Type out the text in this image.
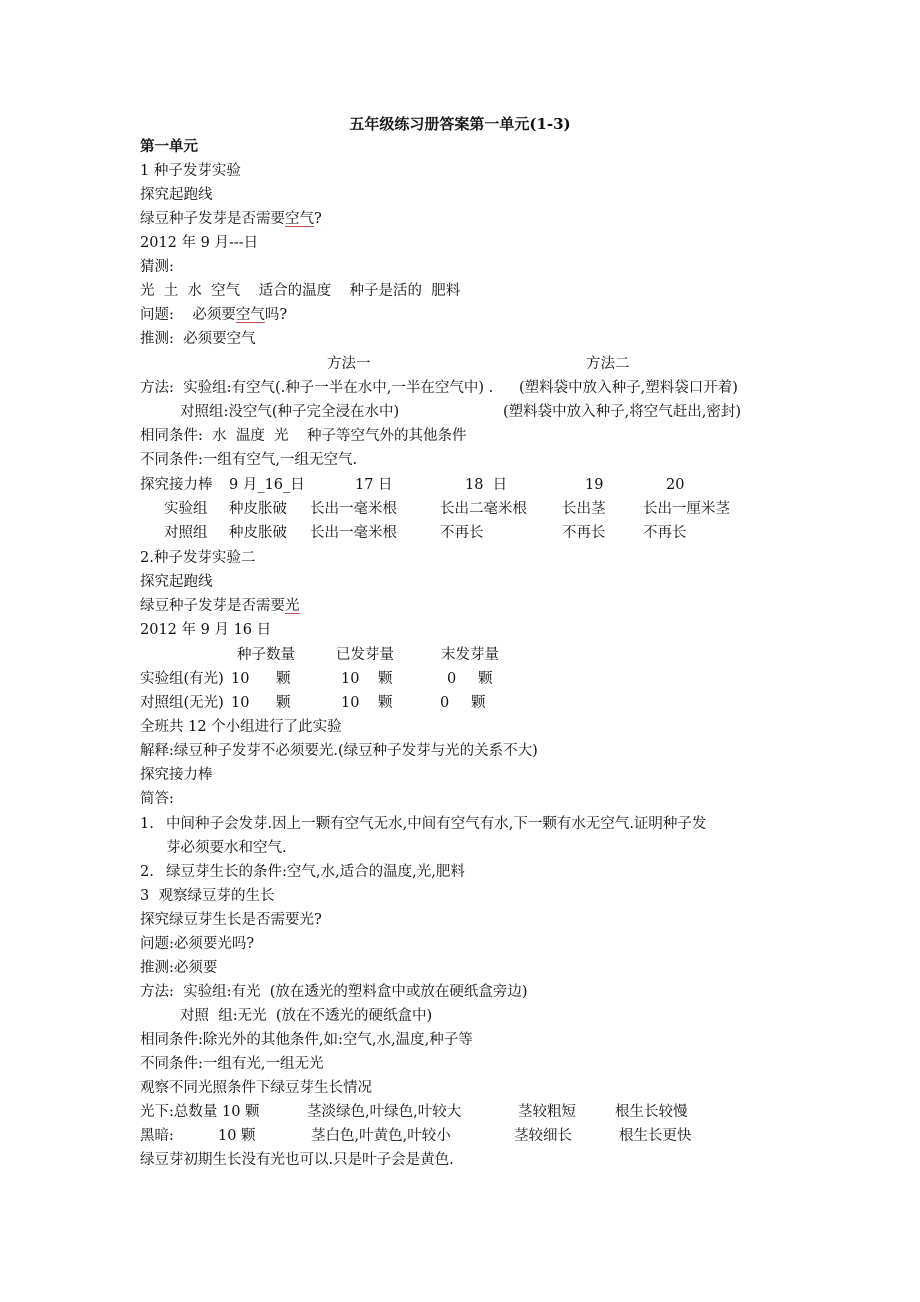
五年级练习册答案第一单元(1-3)
第一单元
1 种子发芽实验
探究起跑线
绿豆种子发芽是否需要空气?
2012 年 9 月---日
猜测:
光  土  水  空气    适合的温度    种子是活的  肥料
问题:    必须要空气吗?
推测:  必须要空气
方法一	方法二
方法:  实验组:有空气(.种子一半在水中,一半在空气中) . (塑料袋中放入种子,塑料袋口开着)
对照组:没空气(种子完全浸在水中)	(塑料袋中放入种子,将空气赶出,密封)
相同条件:  水  温度  光    种子等空气外的其他条件
不同条件:一组有空气,一组无空气.
探究接力棒 9 月_16_日	17 日	18  日	19	20
实验组 种皮胀破 长出一毫米根	长出二毫米根 长出茎	长出一厘米茎
对照组 种皮胀破 长出一毫米根	不再长	不再长	不再长
2.种子发芽实验二
探究起跑线
绿豆种子发芽是否需要光
2012 年 9 月 16 日
种子数量	已发芽量	末发芽量
实验组(有光) 10 颗	10 颗	0 颗
对照组(无光) 10 颗	10 颗	0 颗
全班共 12 个小组进行了此实验
解释:绿豆种子发芽不必须要光.(绿豆种子发芽与光的关系不大)
探究接力棒
简答:
1. 中间种子会发芽.因上一颗有空气无水,中间有空气有水,下一颗有水无空气.证明种子发
芽必须要水和空气.
2. 绿豆芽生长的条件:空气,水,适合的温度,光,肥料
3  观察绿豆芽的生长
探究绿豆芽生长是否需要光?
问题:必须要光吗?
推测:必须要
方法:  实验组:有光  (放在透光的塑料盒中或放在硬纸盒旁边)
对照  组:无光  (放在不透光的硬纸盒中)
相同条件:除光外的其他条件,如:空气,水,温度,种子等
不同条件:一组有光,一组无光
观察不同光照条件下绿豆芽生长情况
光下:总数量 10 颗	茎淡绿色,叶绿色,叶较大	茎较粗短	根生长较慢
黑暗:	10 颗	茎白色,叶黄色,叶较小	茎较细长	根生长更快
绿豆芽初期生长没有光也可以.只是叶子会是黄色.
